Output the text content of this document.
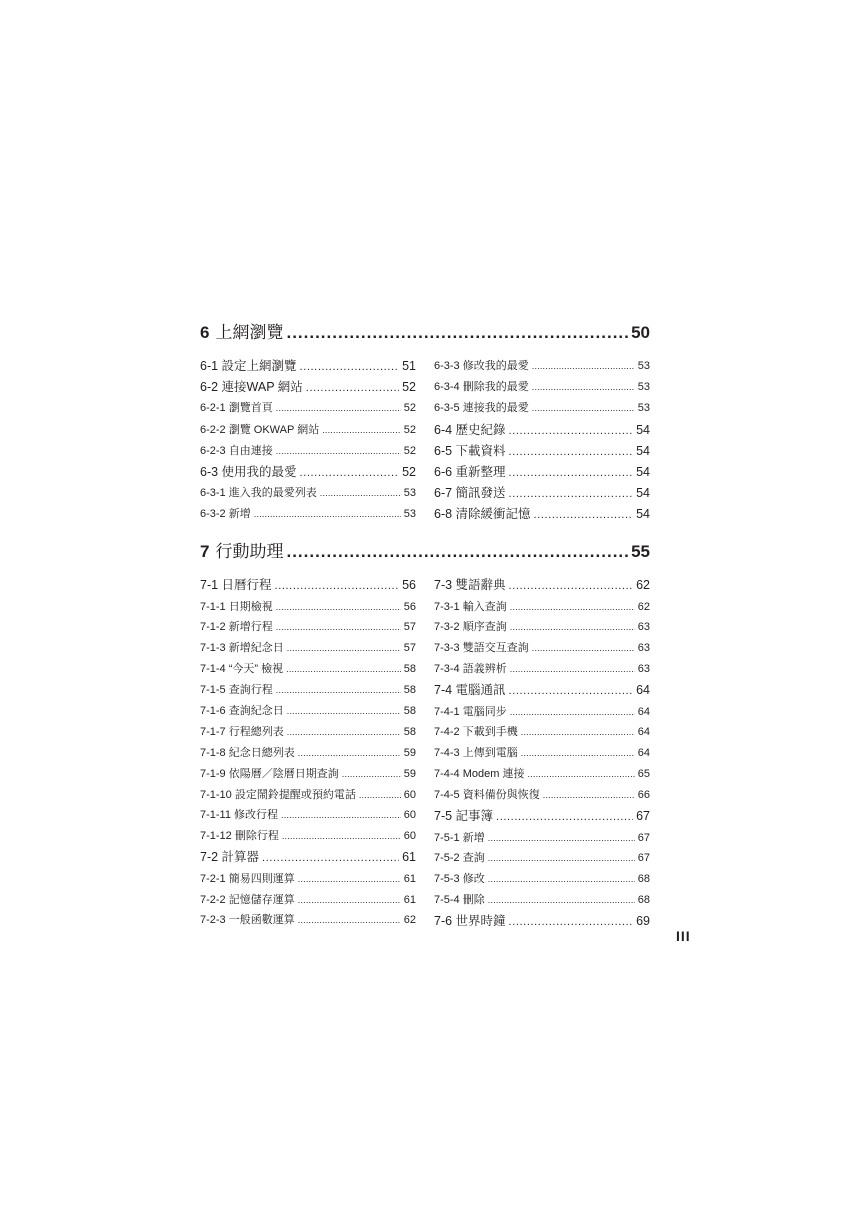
6 上網瀏覽 .....	50
6-1 設定上網瀏覽 .....	51
6-2 連接WAP 網站 .....	52
6-2-1 瀏覽首頁 .....	52
6-2-2 瀏覽 OKWAP 網站 .....	52
6-2-3 自由連接 .....	52
6-3 使用我的最愛 .....	52
6-3-1 進入我的最愛列表 .....	53
6-3-2 新增 .....	53
6-3-3 修改我的最愛 .....	53
6-3-4 刪除我的最愛 .....	53
6-3-5 連接我的最愛 .....	53
6-4 歷史紀錄 .....	54
6-5 下載資料 .....	54
6-6 重新整理 .....	54
6-7 簡訊發送 .....	54
6-8 清除緩衝記憶 .....	54
7 行動助理 .....	55
7-1 日曆行程 .....	56
7-1-1 日期檢視 .....	56
7-1-2 新增行程 .....	57
7-1-3 新增紀念日 .....	57
7-1-4 “今天” 檢視 .....	58
7-1-5 查詢行程 .....	58
7-1-6 查詢紀念日 .....	58
7-1-7 行程總列表 .....	58
7-1-8 紀念日總列表 .....	59
7-1-9 依陽曆／陰曆日期查詢 .....	59
7-1-10 設定鬧鈴提醒或預約電話 .....	60
7-1-11 修改行程 .....	60
7-1-12 刪除行程 .....	60
7-2 計算器 .....	61
7-2-1 簡易四則運算 .....	61
7-2-2 記憶儲存運算 .....	61
7-2-3 一般函數運算 .....	62
7-3 雙語辭典 .....	62
7-3-1 輸入查詢 .....	62
7-3-2 順序查詢 .....	63
7-3-3 雙語交互查詢 .....	63
7-3-4 語義辨析 .....	63
7-4 電腦通訊 .....	64
7-4-1 電腦同步 .....	64
7-4-2 下載到手機 .....	64
7-4-3 上傳到電腦 .....	64
7-4-4 Modem 連接 .....	65
7-4-5 資料備份與恢復 .....	66
7-5 記事簿 .....	67
7-5-1 新增 .....	67
7-5-2 查詢 .....	67
7-5-3 修改 .....	68
7-5-4 刪除 .....	68
7-6 世界時鐘 .....	69
III
